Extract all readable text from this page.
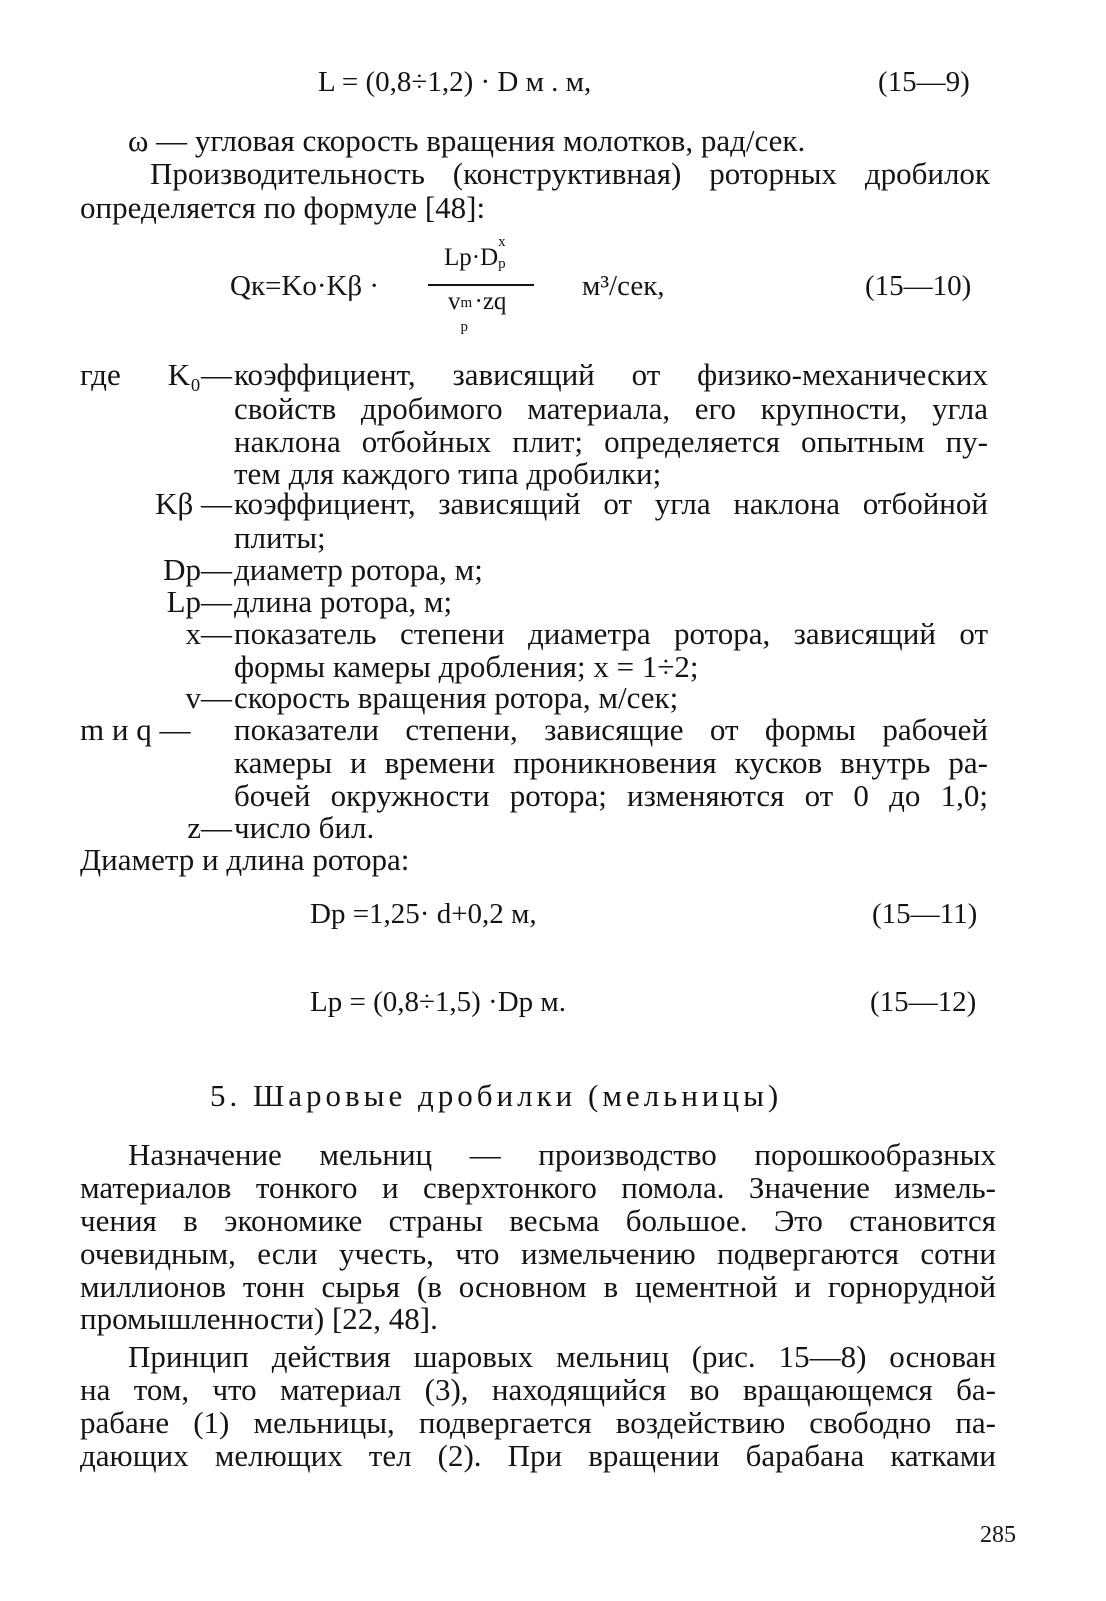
L = (0,8÷1,2) · D м . м,	(15—9)
ω — угловая скорость вращения молотков, рад/сек.
Производительность (конструктивная) роторных дробилок
определяется по формуле [48]:
Qк=Kо·Kβ ·
Lp·D
x
p
v m
p
·zq	м³/сек,	(15—10)
где	K₀— коэффициент, зависящий от физико-механических
свойств дробимого материала, его крупности, угла
наклона отбойных плит; определяется опытным пу-
тем для каждого типа дробилки;
Kβ — коэффициент, зависящий от угла наклона отбойной
плиты;
Dр— диаметр ротора, м;
Lр— длина ротора, м;
x— показатель степени диаметра ротора, зависящий от
формы камеры дробления; x = 1÷2;
v— скорость вращения ротора, м/сек;
m и q —	показатели степени, зависящие от формы рабочей
камеры и времени проникновения кусков внутрь ра-
бочей окружности ротора; изменяются от 0 до 1,0;
z— число бил.
Диаметр и длина ротора:
Dр =1,25· d+0,2 м,	(15—11)
Lр = (0,8÷1,5) ·Dр м.	(15—12)
5. Шаровые дробилки (мельницы)
Назначение мельниц — производство порошкообразных
материалов тонкого и сверхтонкого помола. Значение измель-
чения в экономике страны весьма большое. Это становится
очевидным, если учесть, что измельчению подвергаются сотни
миллионов тонн сырья (в основном в цементной и горнорудной
промышленности) [22, 48].
Принцип действия шаровых мельниц (рис. 15—8) основан
на том, что материал (3), находящийся во вращающемся ба-
рабане (1) мельницы, подвергается воздействию свободно па-
дающих мелющих тел (2). При вращении барабана катками
285
